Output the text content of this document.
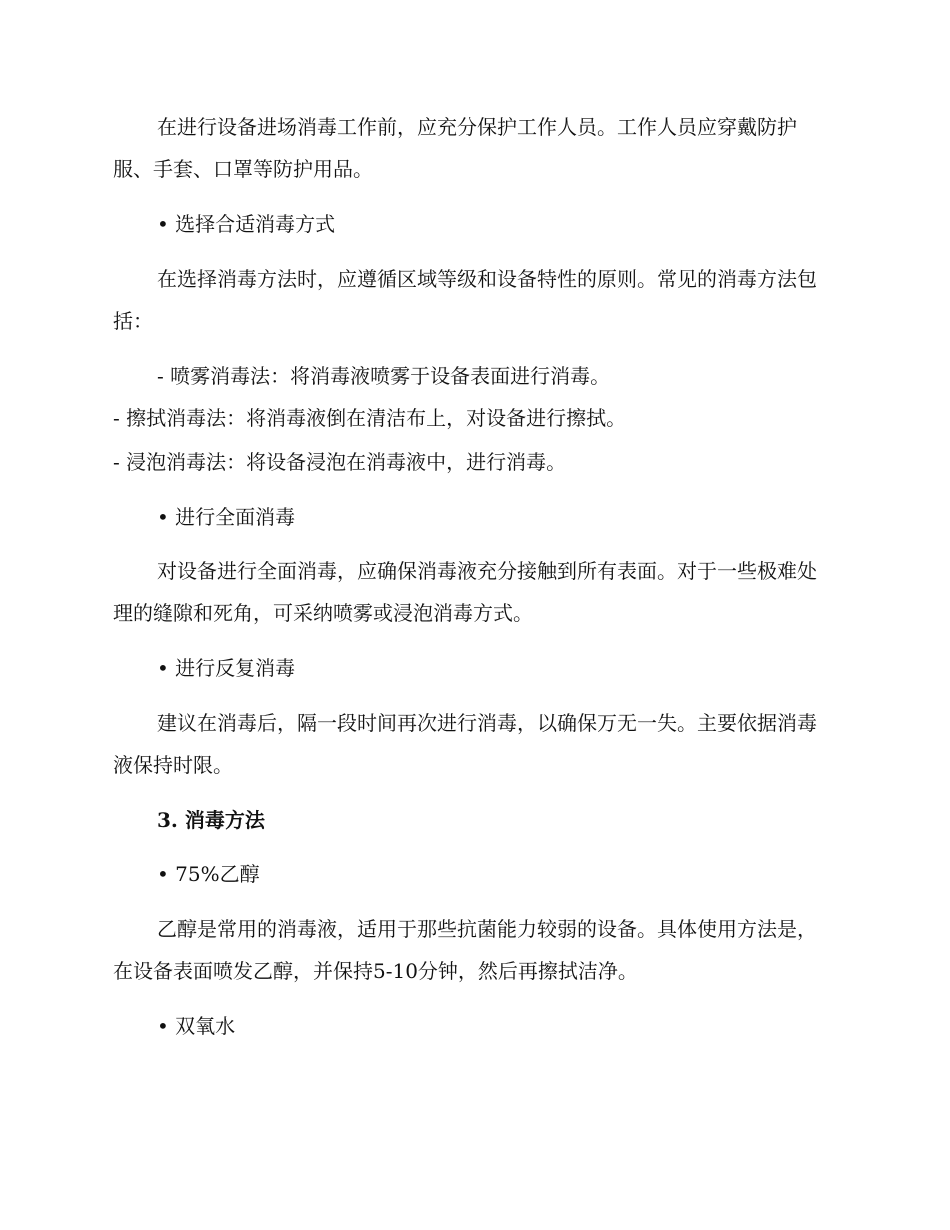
在进行设备进场消毒工作前，应充分保护工作人员。工作人员应穿戴防护服、手套、口罩等防护用品。

• 选择合适消毒方式

在选择消毒方法时，应遵循区域等级和设备特性的原则。常见的消毒方法包括：

- 喷雾消毒法：将消毒液喷雾于设备表面进行消毒。

- 擦拭消毒法：将消毒液倒在清洁布上，对设备进行擦拭。

- 浸泡消毒法：将设备浸泡在消毒液中，进行消毒。

• 进行全面消毒

对设备进行全面消毒，应确保消毒液充分接触到所有表面。对于一些极难处理的缝隙和死角，可采纳喷雾或浸泡消毒方式。

• 进行反复消毒

建议在消毒后，隔一段时间再次进行消毒，以确保万无一失。主要依据消毒液保持时限。

3. 消毒方法

• 75%乙醇

乙醇是常用的消毒液，适用于那些抗菌能力较弱的设备。具体使用方法是，在设备表面喷发乙醇，并保持5-10分钟，然后再擦拭洁净。

• 双氧水
